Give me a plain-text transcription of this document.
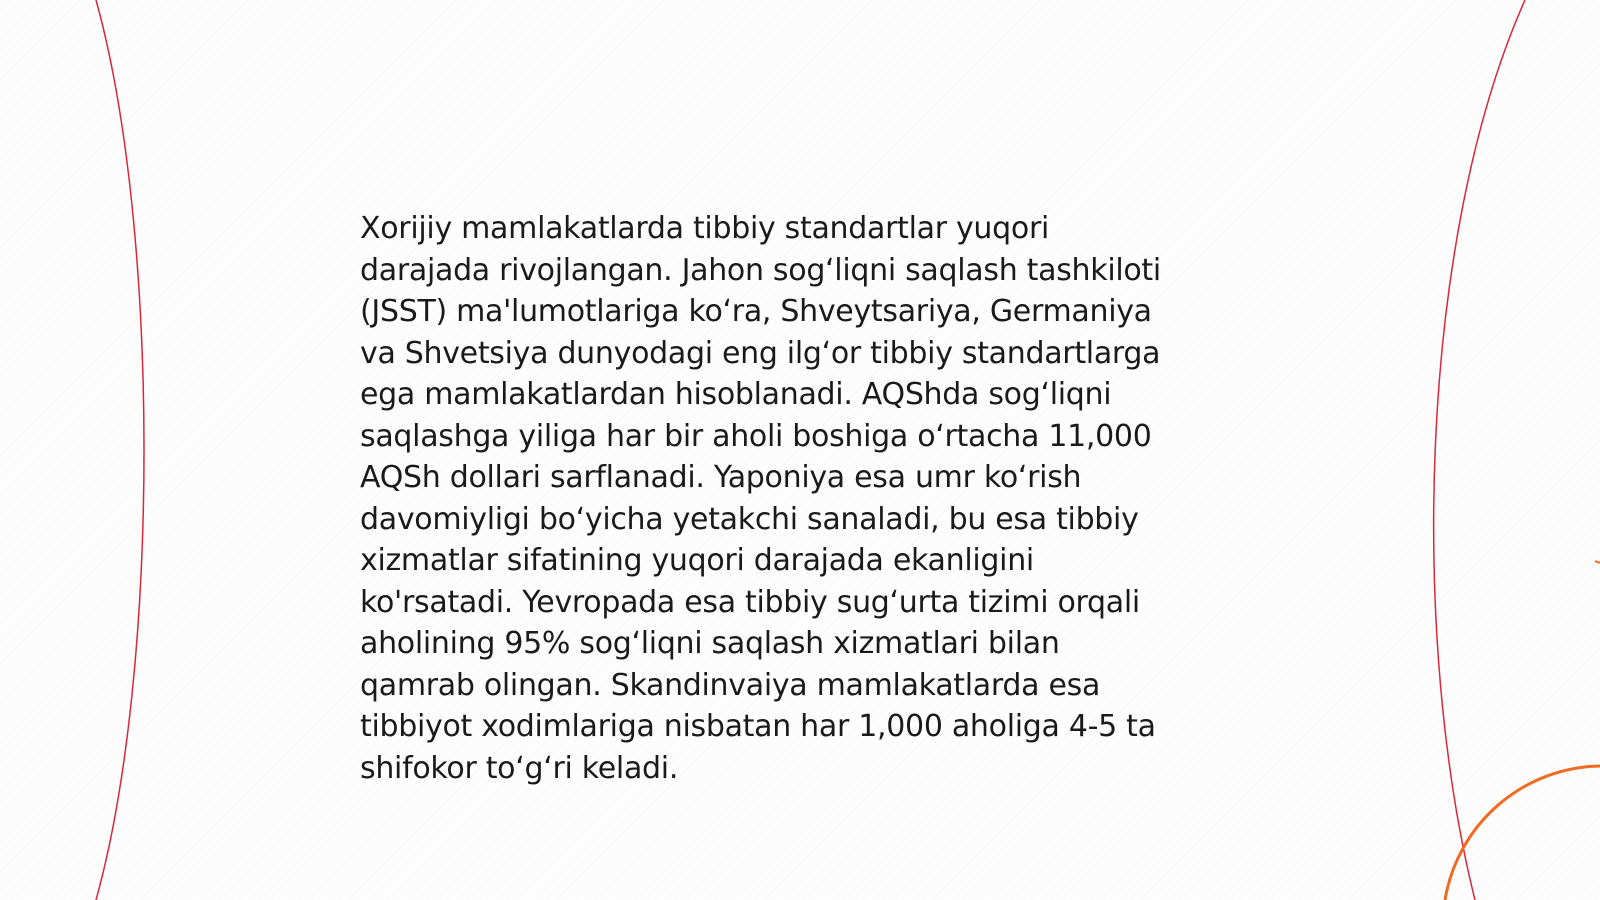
Xorijiy mamlakatlarda tibbiy standartlar yuqori
darajada rivojlangan. Jahon sog‘liqni saqlash tashkiloti
(JSST) ma'lumotlariga ko‘ra, Shveytsariya, Germaniya
va Shvetsiya dunyodagi eng ilg‘or tibbiy standartlarga
ega mamlakatlardan hisoblanadi. AQShda sog‘liqni
saqlashga yiliga har bir aholi boshiga o‘rtacha 11,000
AQSh dollari sarflanadi. Yaponiya esa umr ko‘rish
davomiyligi bo‘yicha yetakchi sanaladi, bu esa tibbiy
xizmatlar sifatining yuqori darajada ekanligini
ko'rsatadi. Yevropada esa tibbiy sug‘urta tizimi orqali
aholining 95% sog‘liqni saqlash xizmatlari bilan
qamrab olingan. Skandinvaiya mamlakatlarda esa
tibbiyot xodimlariga nisbatan har 1,000 aholiga 4-5 ta
shifokor to‘g‘ri keladi.
